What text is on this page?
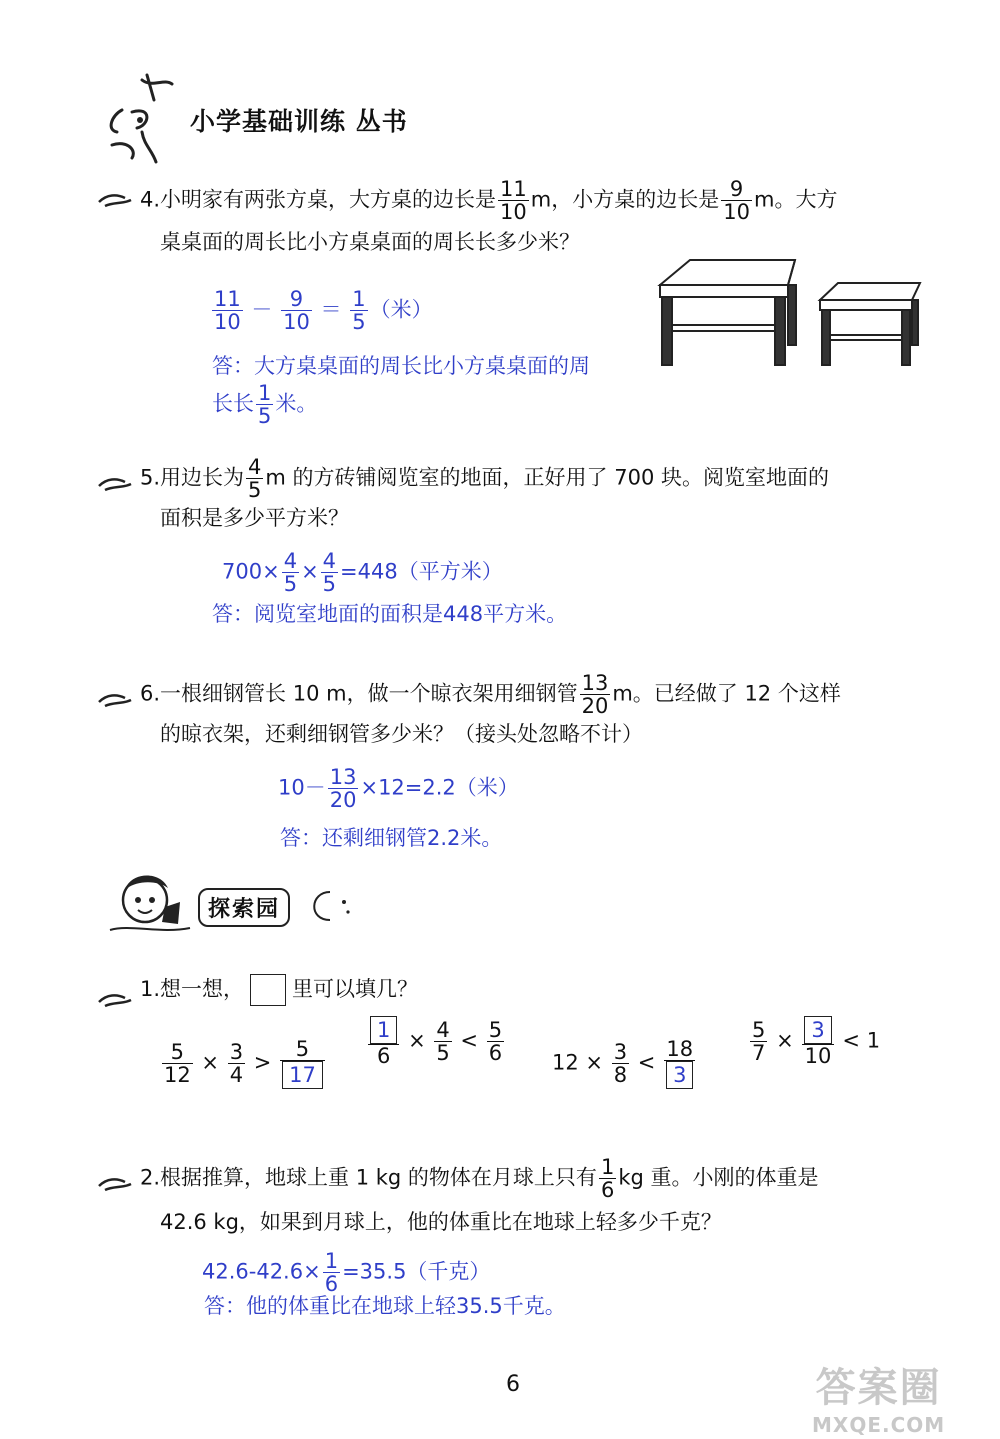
小学基础训练 丛书
4.小明家有两张方桌，大方桌的边长是 $\frac{11}{10}$ m，小方桌的边长是 $\frac{9}{10}$ m。大方
桌桌面的周长比小方桌桌面的周长长多少米？
$\frac{11}{10} - \frac{9}{10} = \frac{1}{5}$ （米）
答：大方桌桌面的周长比小方桌桌面的周
长长 $\frac{1}{5}$ 米。
5.用边长为 $\frac{4}{5}$ m 的方砖铺阅览室的地面，正好用了 700 块。阅览室地面的
面积是多少平方米？
$700\times \frac{4}{5} \times \frac{4}{5} =448$（平方米）
答：阅览室地面的面积是448平方米。
6.一根细钢管长 10 m，做一个晾衣架用细钢管 $\frac{13}{20}$ m。已经做了 12 个这样
的晾衣架，还剩细钢管多少米？（接头处忽略不计）
$10- \frac{13}{20} \times 12=2.2$（米）
答：还剩细钢管2.2米。
探索园
1.想一想， 里可以填几？
$\frac{5}{12} \times \frac{3}{4} > \frac{5}{17} \frac{1}{6} \times \frac{4}{5} < \frac{5}{6} 12 \times \frac{3}{8} < \frac{18}{3}$	$\frac{5}{7} \times \frac{3}{10} < 1$
2.根据推算，地球上重 1 kg 的物体在月球上只有 $\frac{1}{6}$ kg 重。小刚的体重是
42.6 kg，如果到月球上，他的体重比在地球上轻多少千克？
$42.6-42.6\times \frac{1}{6} =35.5$（千克）
答：他的体重比在地球上轻35.5千克。
6	答案圈
MXQE.COM
